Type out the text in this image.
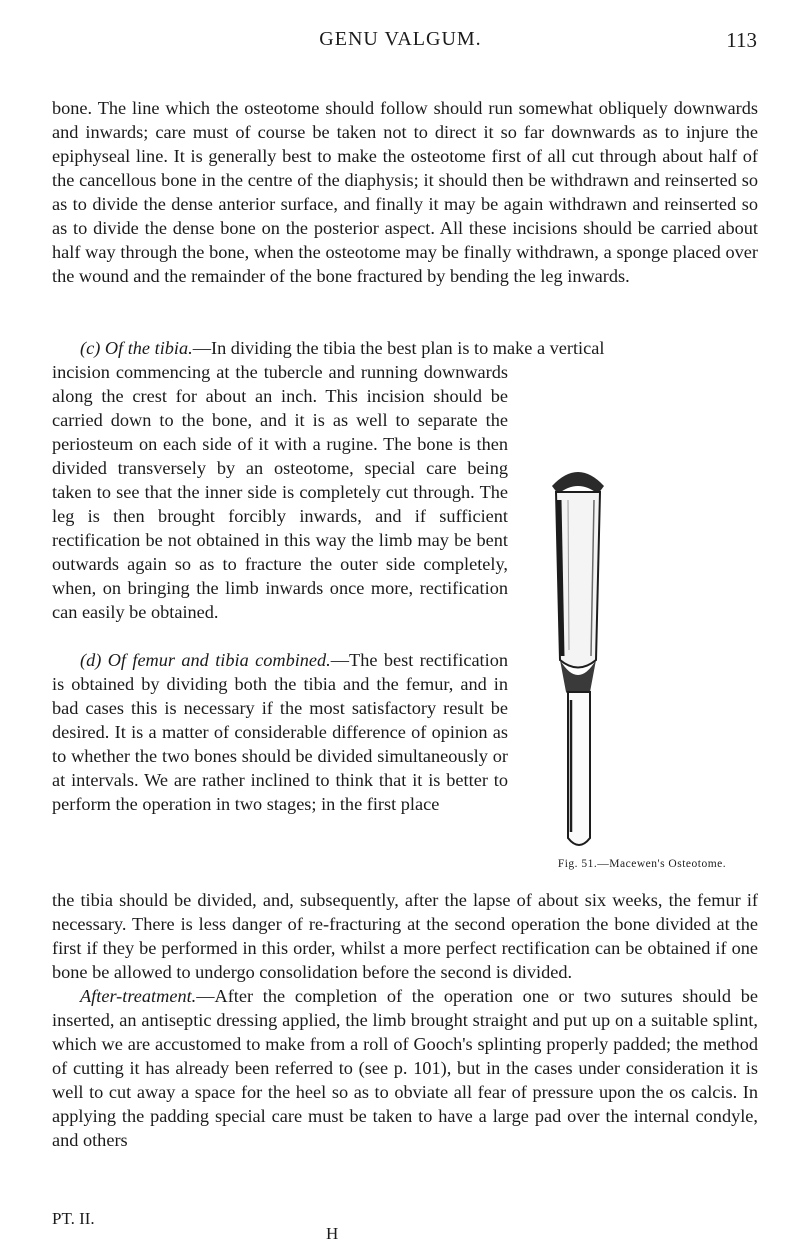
GENU VALGUM.	113

bone. The line which the osteotome should follow should run somewhat obliquely downwards and inwards; care must of course be taken not to direct it so far downwards as to injure the epiphyseal line. It is generally best to make the osteotome first of all cut through about half of the cancellous bone in the centre of the diaphysis; it should then be withdrawn and reinserted so as to divide the dense anterior surface, and finally it may be again withdrawn and reinserted so as to divide the dense bone on the posterior aspect. All these incisions should be carried about half way through the bone, when the osteotome may be finally withdrawn, a sponge placed over the wound and the remainder of the bone fractured by bending the leg inwards.

(c) Of the tibia.—In dividing the tibia the best plan is to make a vertical

incision commencing at the tubercle and running downwards along the crest for about an inch. This incision should be carried down to the bone, and it is as well to separate the periosteum on each side of it with a rugine. The bone is then divided transversely by an osteotome, special care being taken to see that the inner side is completely cut through. The leg is then brought forcibly inwards, and if sufficient rectification be not obtained in this way the limb may be bent outwards again so as to fracture the outer side completely, when, on bringing the limb inwards once more, rectification can easily be obtained.

(d) Of femur and tibia combined.—The best rectification is obtained by dividing both the tibia and the femur, and in bad cases this is necessary if the most satisfactory result be desired. It is a matter of considerable difference of opinion as to whether the two bones should be divided simultaneously or at intervals. We are rather inclined to think that it is better to perform the operation in two stages; in the first place

the tibia should be divided, and, subsequently, after the lapse of about six weeks, the femur if necessary. There is less danger of re-fracturing at the second operation the bone divided at the first if they be performed in this order, whilst a more perfect rectification can be obtained if one bone be allowed to undergo consolidation before the second is divided.

After-treatment.—After the completion of the operation one or two sutures should be inserted, an antiseptic dressing applied, the limb brought straight and put up on a suitable splint, which we are accustomed to make from a roll of Gooch's splinting properly padded; the method of cutting it has already been referred to (see p. 101), but in the cases under consideration it is well to cut away a space for the heel so as to obviate all fear of pressure upon the os calcis. In applying the padding special care must be taken to have a large pad over the internal condyle, and others

Fig. 51.—Macewen's Osteotome.
PT. II.
H
